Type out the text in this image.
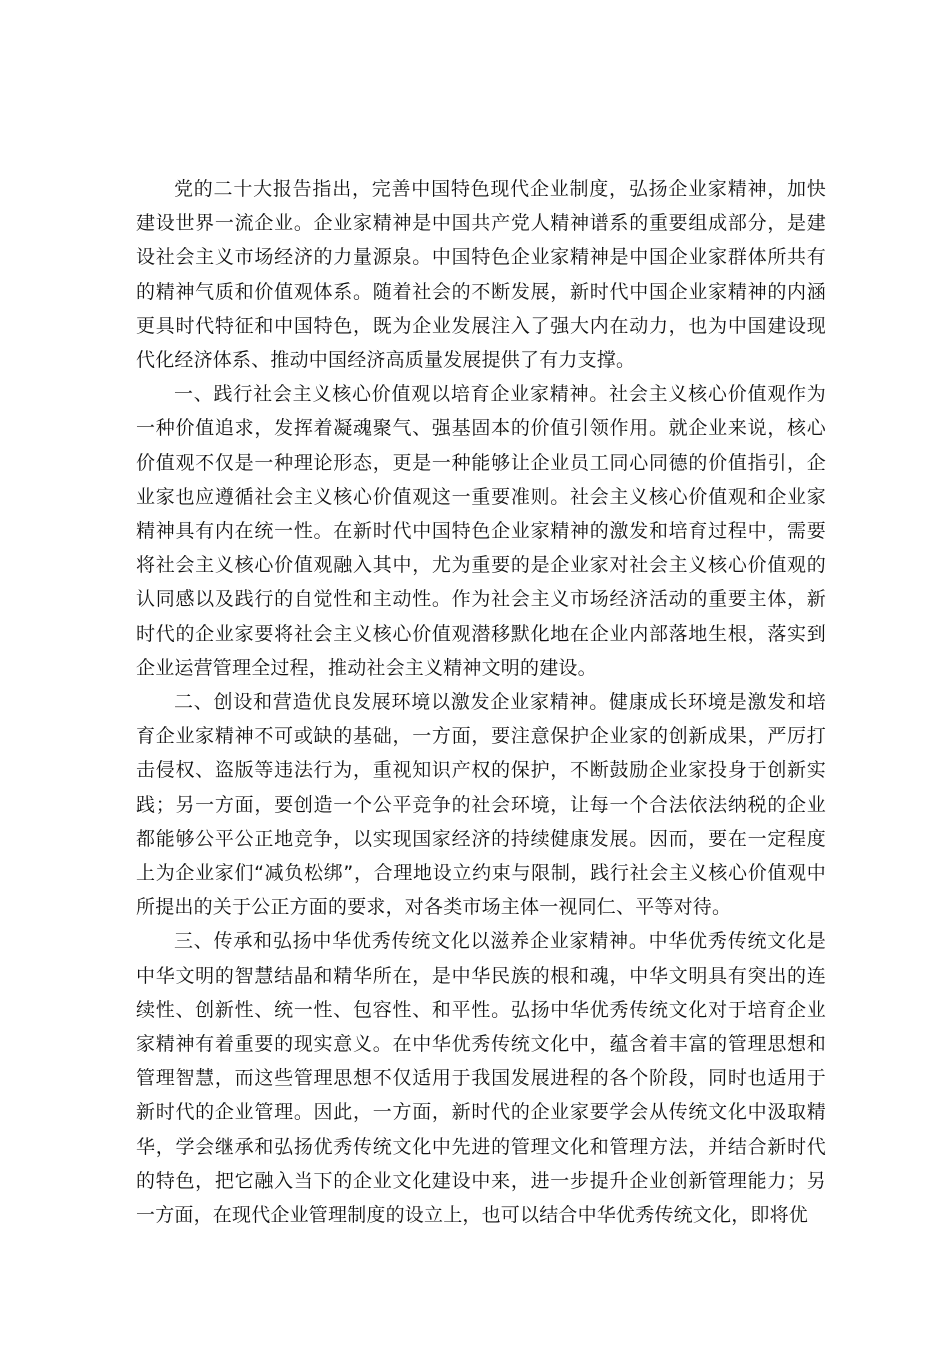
党的二十大报告指出，完善中国特色现代企业制度，弘扬企业家精神，加快建设世界一流企业。企业家精神是中国共产党人精神谱系的重要组成部分，是建设社会主义市场经济的力量源泉。中国特色企业家精神是中国企业家群体所共有的精神气质和价值观体系。随着社会的不断发展，新时代中国企业家精神的内涵更具时代特征和中国特色，既为企业发展注入了强大内在动力，也为中国建设现代化经济体系、推动中国经济高质量发展提供了有力支撑。

一、践行社会主义核心价值观以培育企业家精神。社会主义核心价值观作为一种价值追求，发挥着凝魂聚气、强基固本的价值引领作用。就企业来说，核心价值观不仅是一种理论形态，更是一种能够让企业员工同心同德的价值指引，企业家也应遵循社会主义核心价值观这一重要准则。社会主义核心价值观和企业家精神具有内在统一性。在新时代中国特色企业家精神的激发和培育过程中，需要将社会主义核心价值观融入其中，尤为重要的是企业家对社会主义核心价值观的认同感以及践行的自觉性和主动性。作为社会主义市场经济活动的重要主体，新时代的企业家要将社会主义核心价值观潜移默化地在企业内部落地生根，落实到企业运营管理全过程，推动社会主义精神文明的建设。

二、创设和营造优良发展环境以激发企业家精神。健康成长环境是激发和培育企业家精神不可或缺的基础，一方面，要注意保护企业家的创新成果，严厉打击侵权、盗版等违法行为，重视知识产权的保护，不断鼓励企业家投身于创新实践；另一方面，要创造一个公平竞争的社会环境，让每一个合法依法纳税的企业都能够公平公正地竞争，以实现国家经济的持续健康发展。因而，要在一定程度上为企业家们“减负松绑”，合理地设立约束与限制，践行社会主义核心价值观中所提出的关于公正方面的要求，对各类市场主体一视同仁、平等对待。

三、传承和弘扬中华优秀传统文化以滋养企业家精神。中华优秀传统文化是中华文明的智慧结晶和精华所在，是中华民族的根和魂，中华文明具有突出的连续性、创新性、统一性、包容性、和平性。弘扬中华优秀传统文化对于培育企业家精神有着重要的现实意义。在中华优秀传统文化中，蕴含着丰富的管理思想和管理智慧，而这些管理思想不仅适用于我国发展进程的各个阶段，同时也适用于新时代的企业管理。因此，一方面，新时代的企业家要学会从传统文化中汲取精华，学会继承和弘扬优秀传统文化中先进的管理文化和管理方法，并结合新时代的特色，把它融入当下的企业文化建设中来，进一步提升企业创新管理能力；另一方面，在现代企业管理制度的设立上，也可以结合中华优秀传统文化，即将优
